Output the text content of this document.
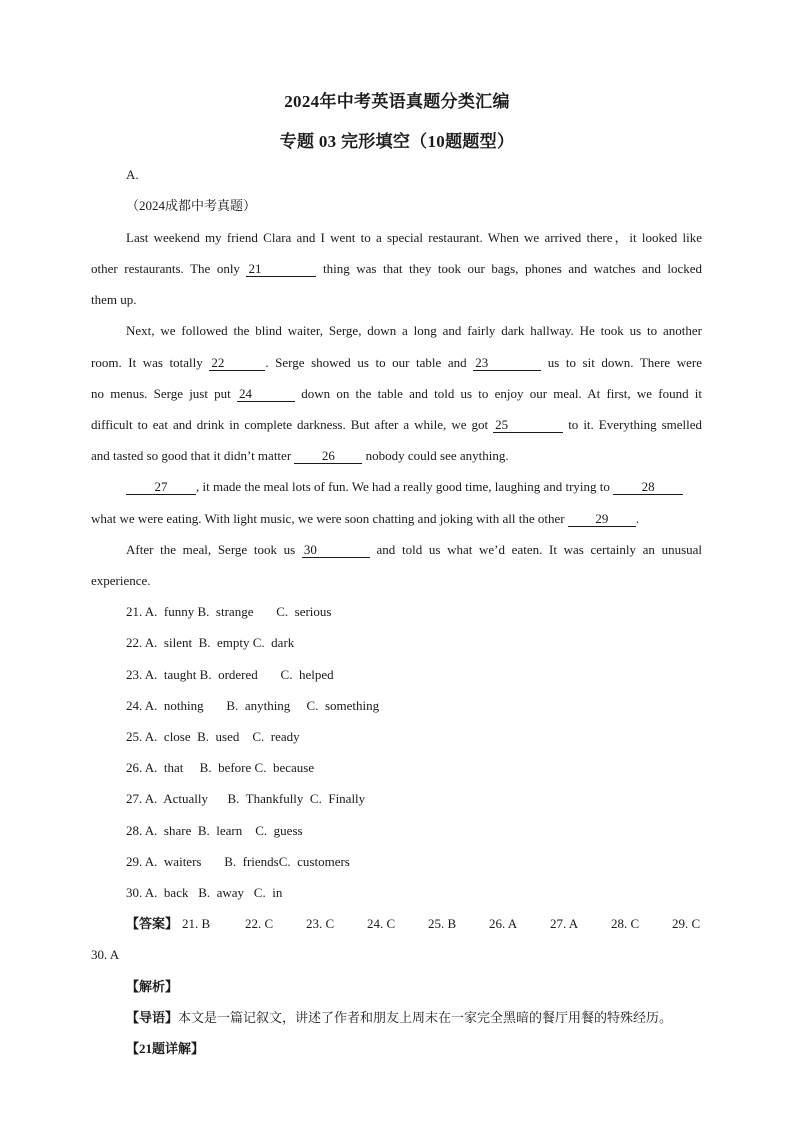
2024年中考英语真题分类汇编
专题 03 完形填空（10题题型）
A.
（2024成都中考真题）
Last weekend my friend Clara and I went to a special restaurant. When we arrived there，it looked like
other restaurants. The only 21	thing was that they took our bags, phones and watches and locked
them up.
Next, we followed the blind waiter, Serge, down a long and fairly dark hallway. He took us to another
room. It was totally 22	. Serge showed us to our table and 23	us to sit down. There were
no menus. Serge just put 24	down on the table and told us to enjoy our meal. At first, we found it
difficult to eat and drink in complete darkness. But after a while, we got 25	to it. Everything smelled
and tasted so good that it didn’t matter 26 nobody could see anything.
27 , it made the meal lots of fun. We had a really good time, laughing and trying to 28
what we were eating. With light music, we were soon chatting and joking with all the other 29 .
After the meal, Serge took us 30	and told us what we’d eaten. It was certainly an unusual
experience.
21. A.  funny B.  strange       C.  serious
22. A.  silent  B.  empty C.  dark
23. A.  taught B.  ordered       C.  helped
24. A.  nothing       B.  anything     C.  something
25. A.  close  B.  used    C.  ready
26. A.  that     B.  before C.  because
27. A.  Actually      B.  Thankfully  C.  Finally
28. A.  share  B.  learn    C.  guess
29. A.  waiters       B.  friendsC.  customers
30. A.  back   B.  away   C.  in
【答案】 21. B	22. C	23. C	24. C	25. B	26. A	27. A	28. C	29. C
30. A
【解析】
【导语】本文是一篇记叙文，讲述了作者和朋友上周末在一家完全黑暗的餐厅用餐的特殊经历。
【21题详解】
